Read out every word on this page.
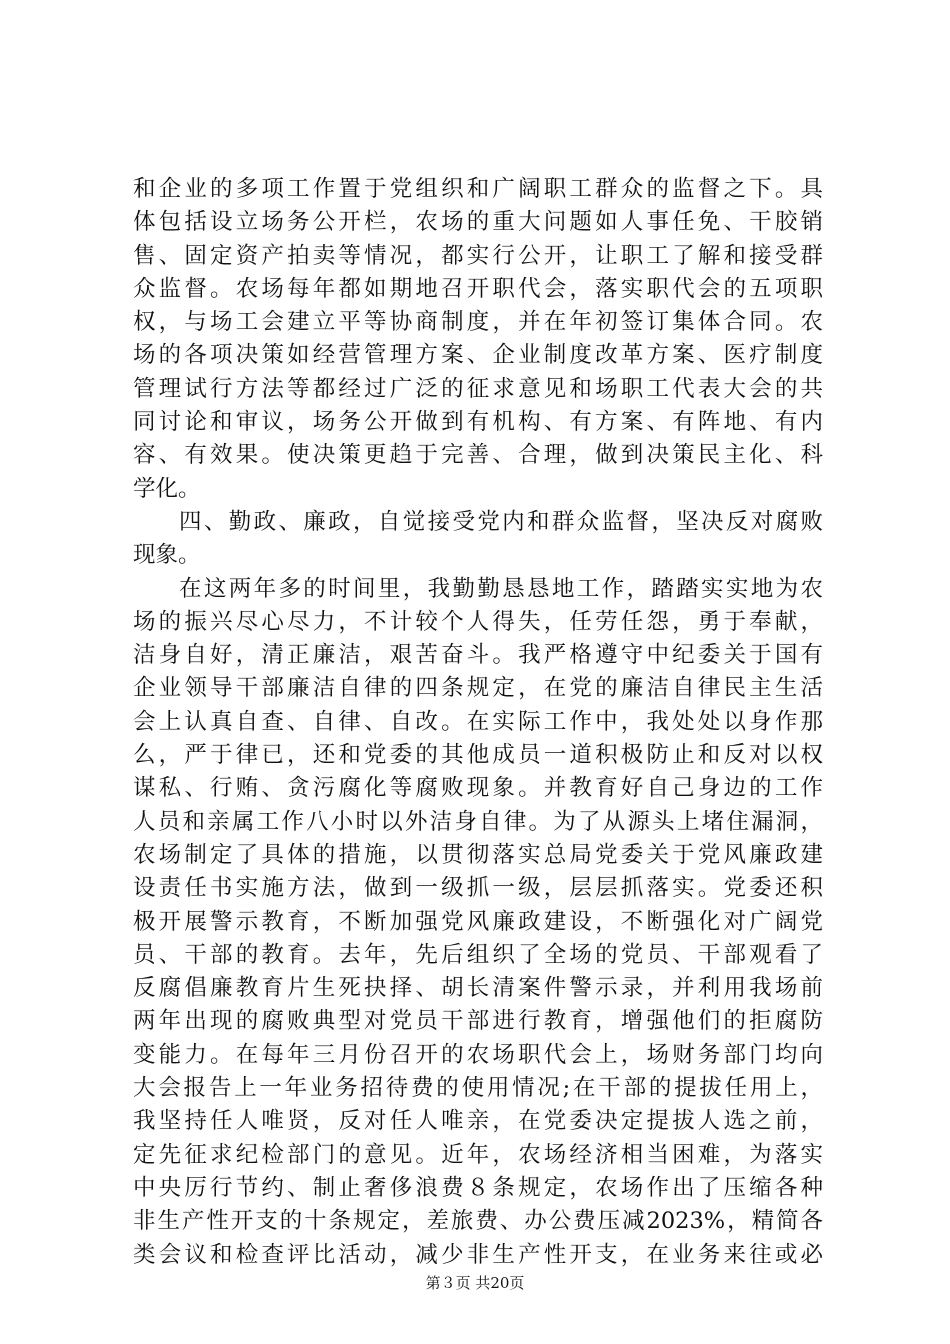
和企业的多项工作置于党组织和广阔职工群众的监督之下。具
体包括设立场务公开栏，农场的重大问题如人事任免、干胶销
售、固定资产拍卖等情况，都实行公开，让职工了解和接受群
众监督。农场每年都如期地召开职代会，落实职代会的五项职
权，与场工会建立平等协商制度，并在年初签订集体合同。农
场的各项决策如经营管理方案、企业制度改革方案、医疗制度
管理试行方法等都经过广泛的征求意见和场职工代表大会的共
同讨论和审议，场务公开做到有机构、有方案、有阵地、有内
容、有效果。使决策更趋于完善、合理，做到决策民主化、科
学化。
四、勤政、廉政，自觉接受党内和群众监督，坚决反对腐败
现象。
在这两年多的时间里，我勤勤恳恳地工作，踏踏实实地为农
场的振兴尽心尽力，不计较个人得失，任劳任怨，勇于奉献，
洁身自好，清正廉洁，艰苦奋斗。我严格遵守中纪委关于国有
企业领导干部廉洁自律的四条规定，在党的廉洁自律民主生活
会上认真自查、自律、自改。在实际工作中，我处处以身作那
么，严于律已，还和党委的其他成员一道积极防止和反对以权
谋私、行贿、贪污腐化等腐败现象。并教育好自己身边的工作
人员和亲属工作八小时以外洁身自律。为了从源头上堵住漏洞，
农场制定了具体的措施，以贯彻落实总局党委关于党风廉政建
设责任书实施方法，做到一级抓一级，层层抓落实。党委还积
极开展警示教育，不断加强党风廉政建设，不断强化对广阔党
员、干部的教育。去年，先后组织了全场的党员、干部观看了
反腐倡廉教育片生死抉择、胡长清案件警示录，并利用我场前
两年出现的腐败典型对党员干部进行教育，增强他们的拒腐防
变能力。在每年三月份召开的农场职代会上，场财务部门均向
大会报告上一年业务招待费的使用情况;在干部的提拔任用上，
我坚持任人唯贤，反对任人唯亲，在党委决定提拔人选之前，
定先征求纪检部门的意见。近年，农场经济相当困难，为落实
中央厉行节约、制止奢侈浪费８条规定，农场作出了压缩各种
非生产性开支的十条规定，差旅费、办公费压减2023%，精简各
类会议和检查评比活动，减少非生产性开支，在业务来往或必
第３页 共20页
